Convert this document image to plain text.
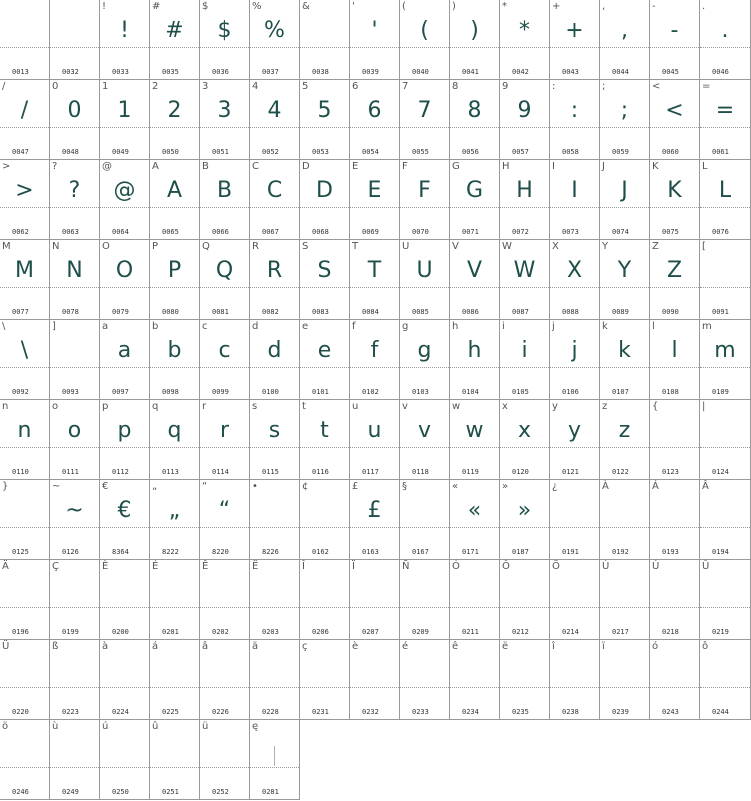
0013	0032
!
!
0033
#
#
0035
$
$
0036
%
%
0037
&
0038
'
'
0039
(
(
0040
)
)
0041
*
*
0042
+
+
0043
,
,
0044
-
-
0045
.
.
0046
/
/
0047
0
0
0048
1
1
0049
2
2
0050
3
3
0051
4
4
0052
5
5
0053
6
6
0054
7
7
0055
8
8
0056
9
9
0057
:
:
0058
;
;
0059
<
<
0060
=
=
0061
>
>
0062
?
?
0063
@
@
0064
A
A
0065
B
B
0066
C
C
0067
D
D
0068
E
E
0069
F
F
0070
G
G
0071
H
H
0072
I
I
0073
J
J
0074
K
K
0075
L
L
0076
M
M
0077
N
N
0078
O
O
0079
P
P
0080
Q
Q
0081
R
R
0082
S
S
0083
T
T
0084
U
U
0085
V
V
0086
W
W
0087
X
X
0088
Y
Y
0089
Z
Z
0090
[
0091
\
\
0092
]
0093
a
a
0097
b
b
0098
c
c
0099
d
d
0100
e
e
0101
f
f
0102
g
g
0103
h
h
0104
i
i
0105
j
j
0106
k
k
0107
l
l
0108
m
m
0109
n
n
0110
o
o
0111
p
p
0112
q
q
0113
r
r
0114
s
s
0115
t
t
0116
u
u
0117
v
v
0118
w
w
0119
x
x
0120
y
y
0121
z
z
0122
{
0123
|
0124
}
0125
~
~
0126
€
€
8364
„
„
8222
“
“
8220
•
8226
¢
0162
£
£
0163
§
0167
«
«
0171
»
»
0187
¿
0191
À
0192
Á
0193
Â
0194
Ä
0196
Ç
0199
È
0200
É
0201
Ê
0202
Ë
0203
Î
0206
Ï
0207
Ñ
0209
Ó
0211
Ô
0212
Ö
0214
Ù
0217
Ú
0218
Û
0219
Ü
0220
ß
0223
à
0224
á
0225
â
0226
ä
0228
ç
0231
è
0232
é
0233
ê
0234
ë
0235
î
0238
ï
0239
ó
0243
ô
0244
ö
0246
ù
0249
ú
0250
û
0251
ü
0252
ę
0281
